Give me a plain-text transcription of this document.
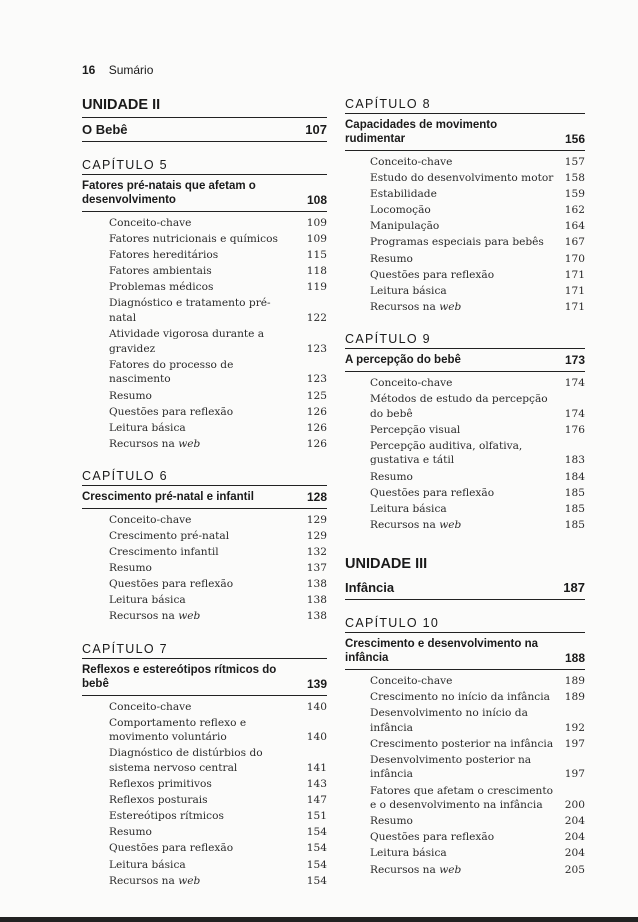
16 Sumário
UNIDADE II
O Bebê	107
CAPÍTULO 5
Fatores pré-natais que afetam o desenvolvimento	108
Conceito-chave	109
Fatores nutricionais e químicos	109
Fatores hereditários	115
Fatores ambientais	118
Problemas médicos	119
Diagnóstico e tratamento pré-natal	122
Atividade vigorosa durante a gravidez	123
Fatores do processo de nascimento	123
Resumo	125
Questões para reflexão	126
Leitura básica	126
Recursos na web	126
CAPÍTULO 6
Crescimento pré-natal e infantil	128
Conceito-chave	129
Crescimento pré-natal	129
Crescimento infantil	132
Resumo	137
Questões para reflexão	138
Leitura básica	138
Recursos na web	138
CAPÍTULO 7
Reflexos e estereótipos rítmicos do bebê	139
Conceito-chave	140
Comportamento reflexo e movimento voluntário	140
Diagnóstico de distúrbios do sistema nervoso central	141
Reflexos primitivos	143
Reflexos posturais	147
Estereótipos rítmicos	151
Resumo	154
Questões para reflexão	154
Leitura básica	154
Recursos na web	154
CAPÍTULO 8
Capacidades de movimento rudimentar	156
Conceito-chave	157
Estudo do desenvolvimento motor 158
Estabilidade	159
Locomoção	162
Manipulação	164
Programas especiais para bebês 167
Resumo	170
Questões para reflexão	171
Leitura básica	171
Recursos na web	171
CAPÍTULO 9
A percepção do bebê	173
Conceito-chave	174
Métodos de estudo da percepção do bebê	174
Percepção visual	176
Percepção auditiva, olfativa, gustativa e tátil	183
Resumo	184
Questões para reflexão	185
Leitura básica	185
Recursos na web	185
UNIDADE III
Infância	187
CAPÍTULO 10
Crescimento e desenvolvimento na infância	188
Conceito-chave	189
Crescimento no início da infância 189
Desenvolvimento no início da infância	192
Crescimento posterior na infância 197
Desenvolvimento posterior na infância	197
Fatores que afetam o crescimento e o desenvolvimento na infância	200
Resumo	204
Questões para reflexão	204
Leitura básica	204
Recursos na web	205
